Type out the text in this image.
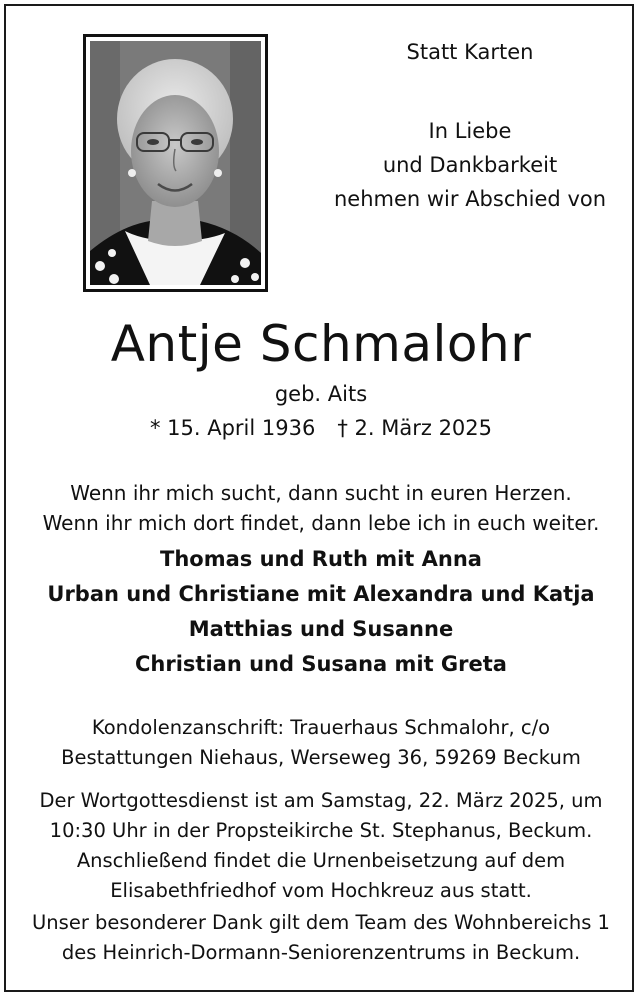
Statt Karten
In Liebe
und Dankbarkeit
nehmen wir Abschied von
Antje Schmalohr
geb. Aits
* 15. April 1936 † 2. März 2025
Wenn ihr mich sucht, dann sucht in euren Herzen.
Wenn ihr mich dort findet, dann lebe ich in euch weiter.
Thomas und Ruth mit Anna
Urban und Christiane mit Alexandra und Katja
Matthias und Susanne
Christian und Susana mit Greta
Kondolenzanschrift: Trauerhaus Schmalohr, c/o
Bestattungen Niehaus, Werseweg 36, 59269 Beckum
Der Wortgottesdienst ist am Samstag, 22. März 2025, um
10:30 Uhr in der Propsteikirche St. Stephanus, Beckum.
Anschließend findet die Urnenbeisetzung auf dem
Elisabethfriedhof vom Hochkreuz aus statt.
Unser besonderer Dank gilt dem Team des Wohnbereichs 1
des Heinrich-Dormann-Seniorenzentrums in Beckum.
